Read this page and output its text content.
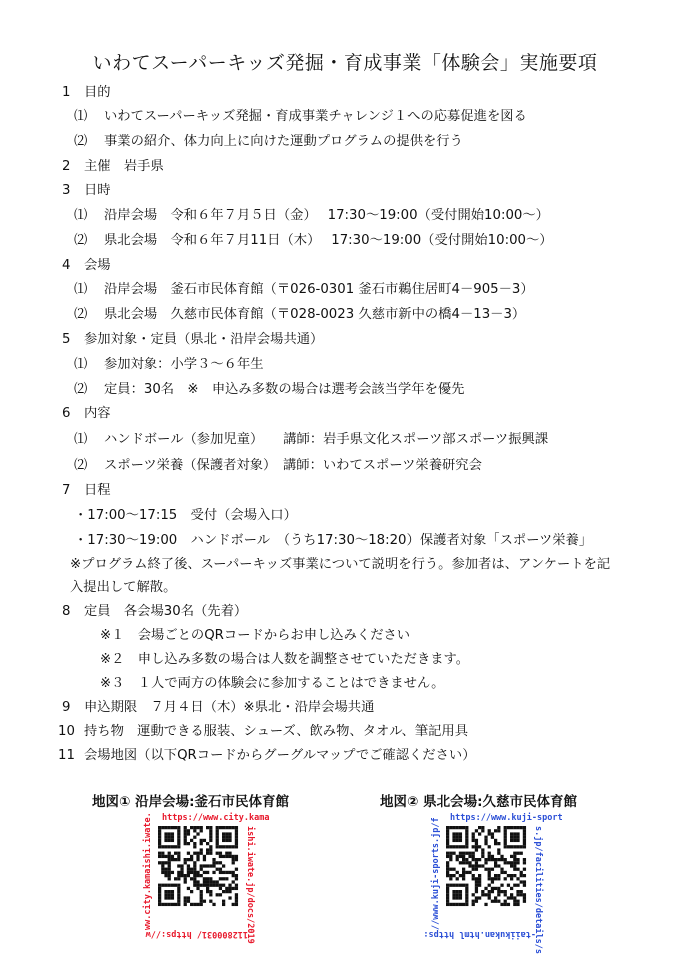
いわてスーパーキッズ発掘・育成事業「体験会」実施要項
1 目的
⑴ いわてスーパーキッズ発掘・育成事業チャレンジ１への応募促進を図る
⑵ 事業の紹介、体力向上に向けた運動プログラムの提供を行う
2 主催　岩手県
3 日時
⑴ 沿岸会場　令和６年７月５日（金）　 17:30～19:00（受付開始10:00～）
⑵ 県北会場　令和６年７月11日（木）　 17:30～19:00（受付開始10:00～）
4 会場
⑴ 沿岸会場　釜石市民体育館（〒026-0301 釜石市鵜住居町4－905－3）
⑵ 県北会場　久慈市民体育館（〒028-0023 久慈市新中の橋4－13－3）
5 参加対象・定員（県北・沿岸会場共通）
⑴ 参加対象：小学３～６年生
⑵ 定員：30名　※　申込み多数の場合は選考会該当学年を優先
6 内容
⑴ ハンドボール（参加児童）　　講師：岩手県文化スポーツ部スポーツ振興課
⑵ スポーツ栄養（保護者対象）　講師：いわてスポーツ栄養研究会
7 日程
・17:00～17:15　受付（会場入口）
・17:30～19:00　ハンドボール　（うち17:30～18:20）保護者対象「スポーツ栄養」
※プログラム終了後、スーパーキッズ事業について説明を行う。参加者は、アンケートを記
入提出して解散。
8 定員　各会場30名（先着）
※１　会場ごとのQRコードからお申し込みください
※２　申し込み多数の場合は人数を調整させていただきます。
※３　１人で両方の体験会に参加することはできません。
9 申込期限　７月４日（木）※県北・沿岸会場共通
10 持ち物　運動できる服装、シューズ、飲み物、タオル、筆記用具
11 会場地図（以下QRコードからグーグルマップでご確認ください）
地図① 沿岸会場:釜石市民体育館	地図② 県北会場:久慈市民体育館
https://www.city.kama
ishi.iwate.jp/docs/2019
112800031/ https://w
ww.city.kamaishi.iwate.	https://www.kuji-sport
s.jp/facilities/details/s
-taiikukan.html https:
//www.kuji-sports.jp/f
